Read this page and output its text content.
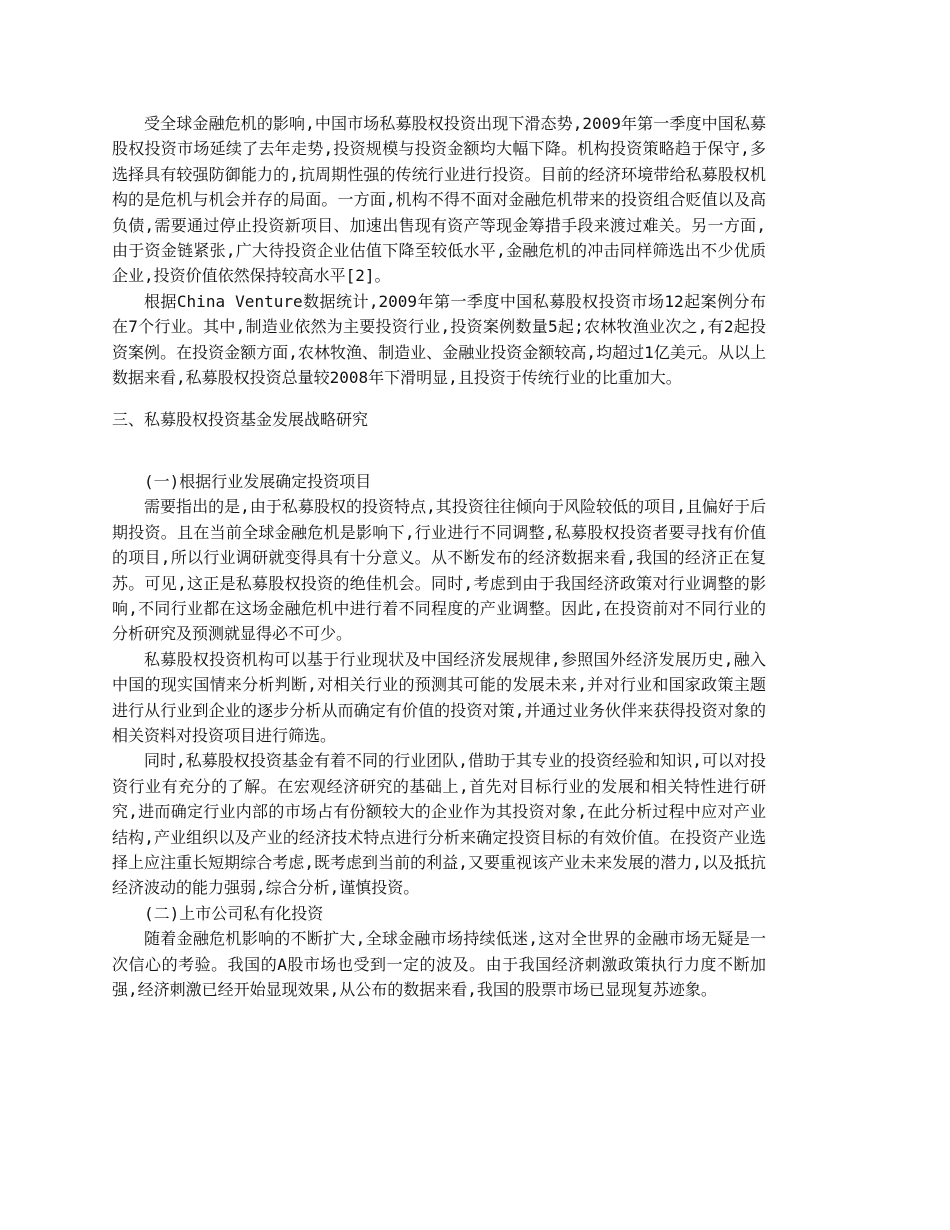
受全球金融危机的影响,中国市场私募股权投资出现下滑态势,2009年第一季度中国私募股权投资市场延续了去年走势,投资规模与投资金额均大幅下降。机构投资策略趋于保守,多选择具有较强防御能力的,抗周期性强的传统行业进行投资。目前的经济环境带给私募股权机构的是危机与机会并存的局面。一方面,机构不得不面对金融危机带来的投资组合贬值以及高负债,需要通过停止投资新项目、加速出售现有资产等现金筹措手段来渡过难关。另一方面,由于资金链紧张,广大待投资企业估值下降至较低水平,金融危机的冲击同样筛选出不少优质企业,投资价值依然保持较高水平[2]。

根据China Venture数据统计,2009年第一季度中国私募股权投资市场12起案例分布在7个行业。其中,制造业依然为主要投资行业,投资案例数量5起;农林牧渔业次之,有2起投资案例。在投资金额方面,农林牧渔、制造业、金融业投资金额较高,均超过1亿美元。从以上数据来看,私募股权投资总量较2008年下滑明显,且投资于传统行业的比重加大。

三、私募股权投资基金发展战略研究

(一)根据行业发展确定投资项目

需要指出的是,由于私募股权的投资特点,其投资往往倾向于风险较低的项目,且偏好于后期投资。且在当前全球金融危机是影响下,行业进行不同调整,私募股权投资者要寻找有价值的项目,所以行业调研就变得具有十分意义。从不断发布的经济数据来看,我国的经济正在复苏。可见,这正是私募股权投资的绝佳机会。同时,考虑到由于我国经济政策对行业调整的影响,不同行业都在这场金融危机中进行着不同程度的产业调整。因此,在投资前对不同行业的分析研究及预测就显得必不可少。

私募股权投资机构可以基于行业现状及中国经济发展规律,参照国外经济发展历史,融入中国的现实国情来分析判断,对相关行业的预测其可能的发展未来,并对行业和国家政策主题进行从行业到企业的逐步分析从而确定有价值的投资对策,并通过业务伙伴来获得投资对象的相关资料对投资项目进行筛选。

同时,私募股权投资基金有着不同的行业团队,借助于其专业的投资经验和知识,可以对投资行业有充分的了解。在宏观经济研究的基础上,首先对目标行业的发展和相关特性进行研究,进而确定行业内部的市场占有份额较大的企业作为其投资对象,在此分析过程中应对产业结构,产业组织以及产业的经济技术特点进行分析来确定投资目标的有效价值。在投资产业选择上应注重长短期综合考虑,既考虑到当前的利益,又要重视该产业未来发展的潜力,以及抵抗经济波动的能力强弱,综合分析,谨慎投资。

(二)上市公司私有化投资

随着金融危机影响的不断扩大,全球金融市场持续低迷,这对全世界的金融市场无疑是一次信心的考验。我国的A股市场也受到一定的波及。由于我国经济刺激政策执行力度不断加强,经济刺激已经开始显现效果,从公布的数据来看,我国的股票市场已显现复苏迹象。
